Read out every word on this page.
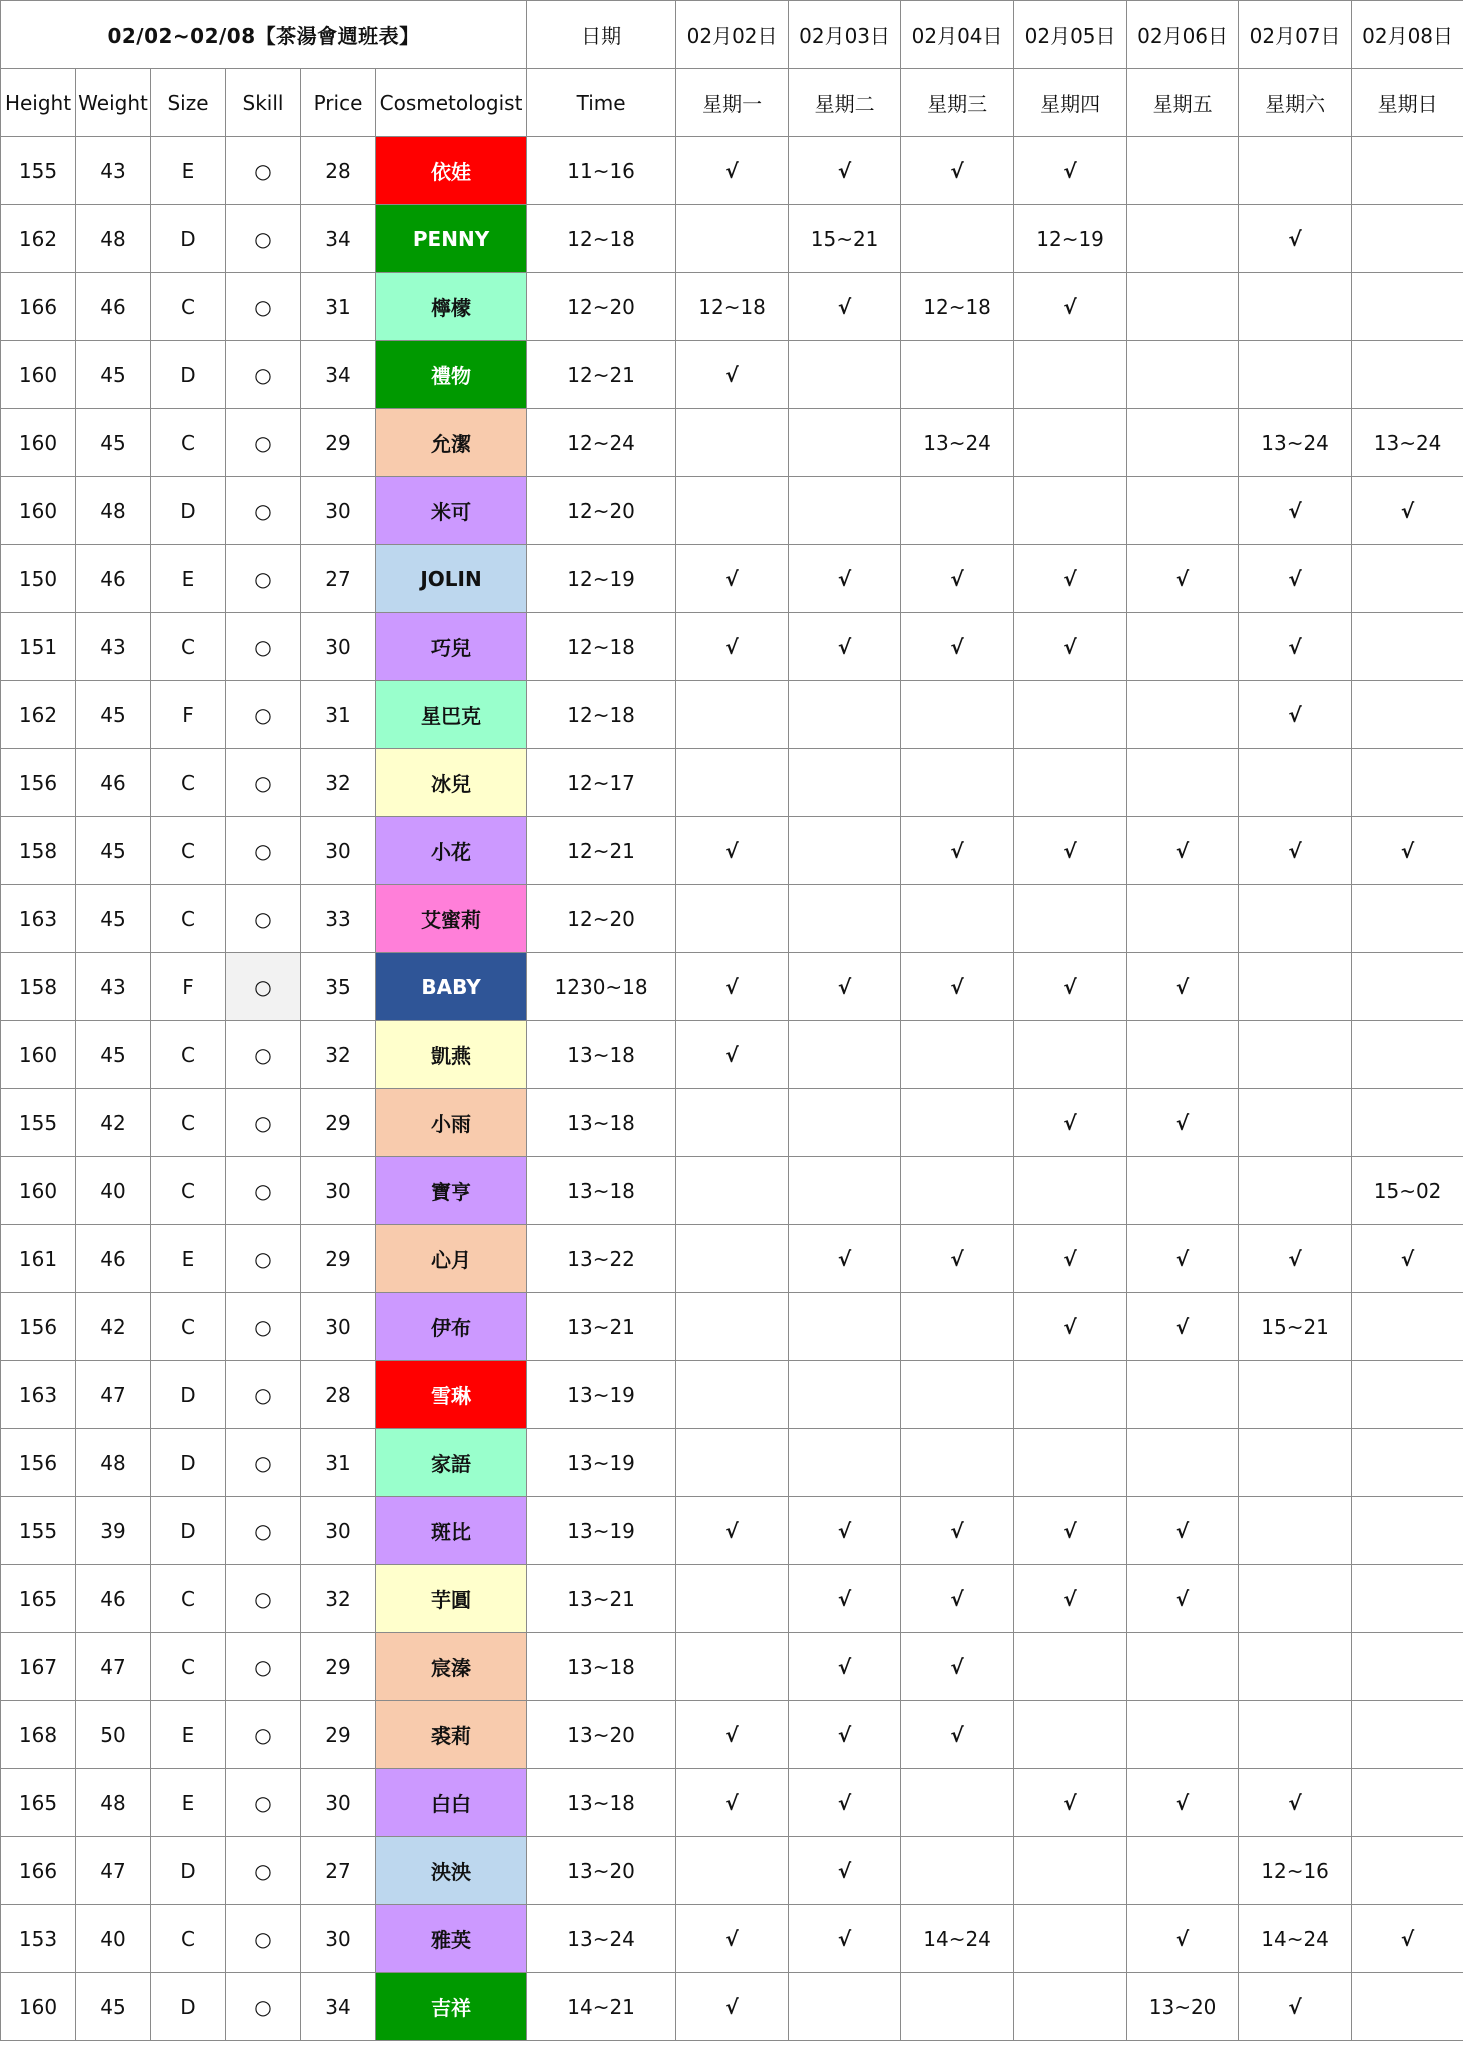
02/02~02/08【茶湯會週班表】						日期	02月02日	02月03日	02月04日	02月05日	02月06日	02月07日	02月08日
Height	Weight	Size	Skill	Price	Cosmetologist	Time	星期一	星期二	星期三	星期四	星期五	星期六	星期日
155	43	E	○	28	依娃	11~16	√	√	√	√			
162	48	D	○	34	PENNY	12~18		15~21		12~19		√	
166	46	C	○	31	檸檬	12~20	12~18	√	12~18	√			
160	45	D	○	34	禮物	12~21	√						
160	45	C	○	29	允潔	12~24			13~24			13~24	13~24
160	48	D	○	30	米可	12~20						√	√
150	46	E	○	27	JOLIN	12~19	√	√	√	√	√	√	
151	43	C	○	30	巧兒	12~18	√	√	√	√		√	
162	45	F	○	31	星巴克	12~18						√	
156	46	C	○	32	冰兒	12~17							
158	45	C	○	30	小花	12~21	√		√	√	√	√	√
163	45	C	○	33	艾蜜莉	12~20							
158	43	F	○	35	BABY	1230~18	√	√	√	√	√		
160	45	C	○	32	凱燕	13~18	√						
155	42	C	○	29	小雨	13~18				√	√		
160	40	C	○	30	寶亨	13~18							15~02
161	46	E	○	29	心月	13~22		√	√	√	√	√	√
156	42	C	○	30	伊布	13~21				√	√	15~21	
163	47	D	○	28	雪琳	13~19							
156	48	D	○	31	家語	13~19							
155	39	D	○	30	斑比	13~19	√	√	√	√	√		
165	46	C	○	32	芋圓	13~21		√	√	√	√		
167	47	C	○	29	宸溱	13~18		√	√				
168	50	E	○	29	裘莉	13~20	√	√	√				
165	48	E	○	30	白白	13~18	√	√		√	√	√	
166	47	D	○	27	泱泱	13~20		√				12~16	
153	40	C	○	30	雅英	13~24	√	√	14~24		√	14~24	√
160	45	D	○	34	吉祥	14~21	√				13~20	√	
